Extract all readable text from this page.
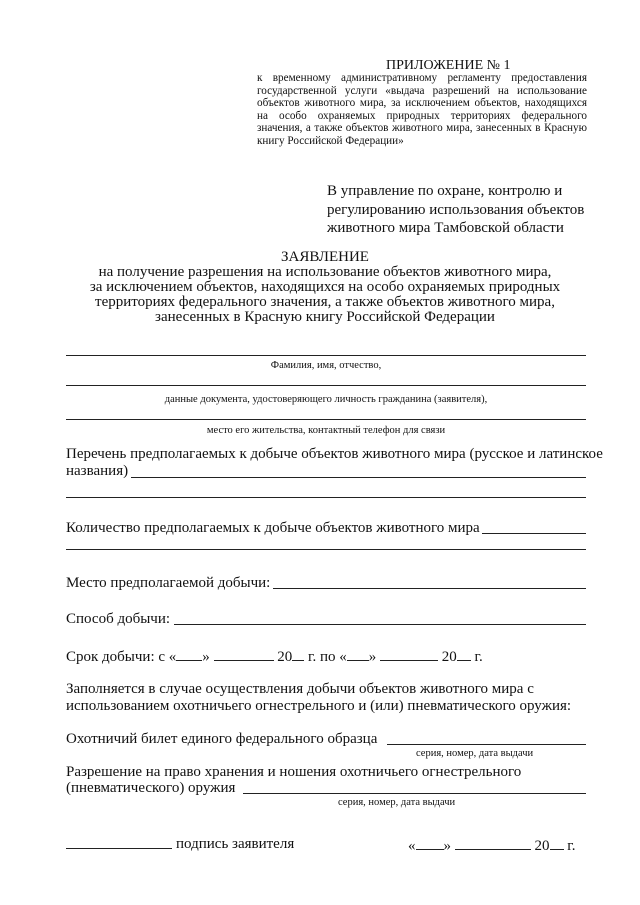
ПРИЛОЖЕНИЕ № 1
к временному административному регламенту предоставления государственной услуги «выдача разрешений на использование объектов животного мира, за исключением объектов, находящихся на особо охраняемых природных территориях федерального значения, а также объектов животного мира, занесенных в Красную книгу Российской Федерации»
В управление по охране, контролю и
регулированию использования объектов
животного мира Тамбовской области
ЗАЯВЛЕНИЕ
на получение разрешения на использование объектов животного мира,
за исключением объектов, находящихся на особо охраняемых природных
территориях федерального значения, а также объектов животного мира,
занесенных в Красную книгу Российской Федерации
Фамилия, имя, отчество,
данные документа, удостоверяющего личность гражданина (заявителя),
место его жительства, контактный телефон для связи
Перечень предполагаемых к добыче объектов животного мира (русское и латинское
названия)
Количество предполагаемых к добыче объектов животного мира
Место предполагаемой добычи:
Способ добычи:
Срок добычи: с « »	20 г. по « »	20 г.
Заполняется в случае осуществления добычи объектов животного мира с
использованием охотничьего огнестрельного и (или) пневматического оружия:
Охотничий билет единого федерального образца
серия, номер, дата выдачи
Разрешение на право хранения и ношения охотничьего огнестрельного
(пневматического) оружия
серия, номер, дата выдачи
подпись заявителя	« »	20 г.
